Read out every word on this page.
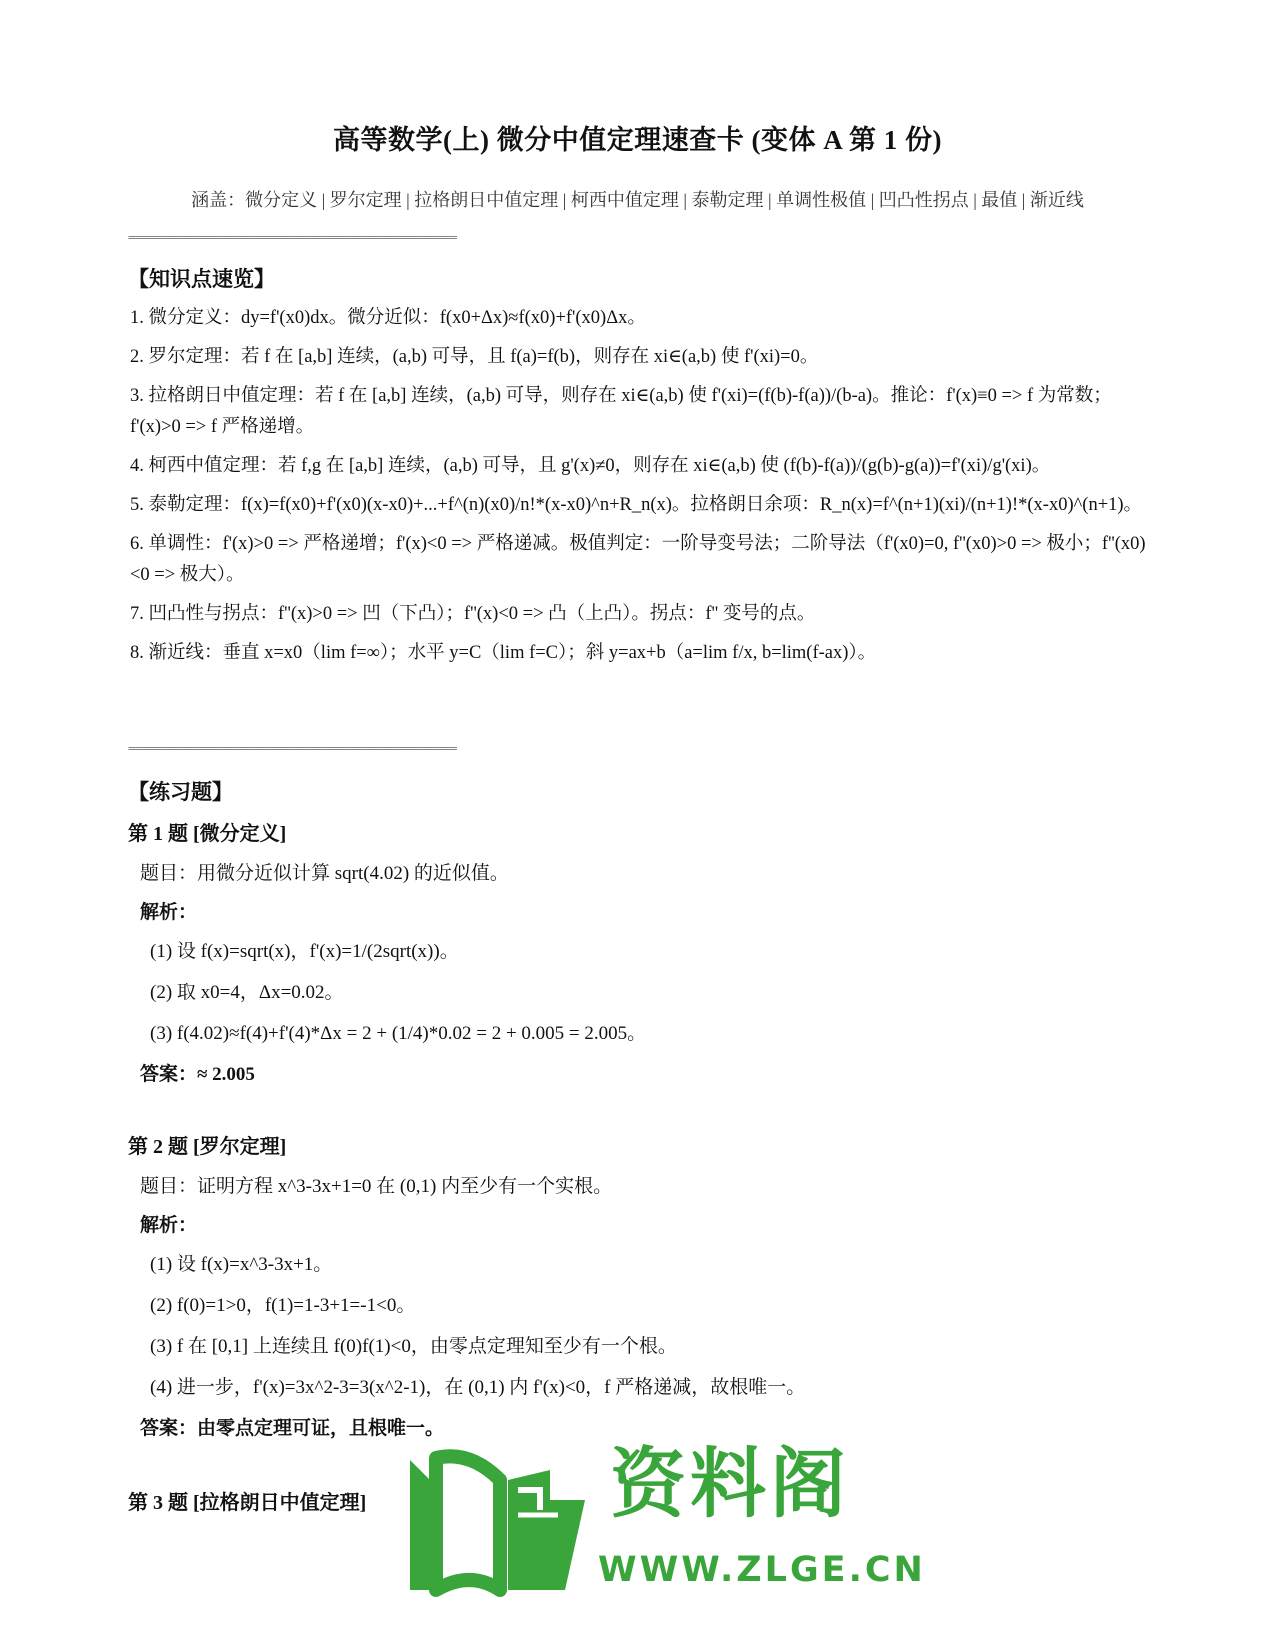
高等数学(上) 微分中值定理速查卡 (变体 A 第 1 份)
涵盖：微分定义 | 罗尔定理 | 拉格朗日中值定理 | 柯西中值定理 | 泰勒定理 | 单调性极值 | 凹凸性拐点 | 最值 | 渐近线
================================================================
【知识点速览】
1. 微分定义：dy=f'(x0)dx。微分近似：f(x0+Δx)≈f(x0)+f'(x0)Δx。
2. 罗尔定理：若 f 在 [a,b] 连续，(a,b) 可导，且 f(a)=f(b)，则存在 xi∈(a,b) 使 f'(xi)=0。
3. 拉格朗日中值定理：若 f 在 [a,b] 连续，(a,b) 可导，则存在 xi∈(a,b) 使 f'(xi)=(f(b)-f(a))/(b-a)。推论：f'(x)≡0 => f 为常数；f'(x)>0 => f 严格递增。
4. 柯西中值定理：若 f,g 在 [a,b] 连续，(a,b) 可导，且 g'(x)≠0，则存在 xi∈(a,b) 使 (f(b)-f(a))/(g(b)-g(a))=f'(xi)/g'(xi)。
5. 泰勒定理：f(x)=f(x0)+f'(x0)(x-x0)+...+f^(n)(x0)/n!*(x-x0)^n+R_n(x)。拉格朗日余项：R_n(x)=f^(n+1)(xi)/(n+1)!*(x-x0)^(n+1)。
6. 单调性：f'(x)>0 => 严格递增；f'(x)<0 => 严格递减。极值判定：一阶导变号法；二阶导法（f'(x0)=0, f''(x0)>0 => 极小；f''(x0)<0 => 极大）。
7. 凹凸性与拐点：f''(x)>0 => 凹（下凸）；f''(x)<0 => 凸（上凸）。拐点：f'' 变号的点。
8. 渐近线：垂直 x=x0（lim f=∞）；水平 y=C（lim f=C）；斜 y=ax+b（a=lim f/x, b=lim(f-ax)）。
================================================================
【练习题】
第 1 题 [微分定义]
题目：用微分近似计算 sqrt(4.02) 的近似值。
解析：
(1) 设 f(x)=sqrt(x)，f'(x)=1/(2sqrt(x))。
(2) 取 x0=4，Δx=0.02。
(3) f(4.02)≈f(4)+f'(4)*Δx = 2 + (1/4)*0.02 = 2 + 0.005 = 2.005。
答案：≈ 2.005
第 2 题 [罗尔定理]
题目：证明方程 x^3-3x+1=0 在 (0,1) 内至少有一个实根。
解析：
(1) 设 f(x)=x^3-3x+1。
(2) f(0)=1>0，f(1)=1-3+1=-1<0。
(3) f 在 [0,1] 上连续且 f(0)f(1)<0，由零点定理知至少有一个根。
(4) 进一步，f'(x)=3x^2-3=3(x^2-1)，在 (0,1) 内 f'(x)<0，f 严格递减，故根唯一。
答案：由零点定理可证，且根唯一。
第 3 题 [拉格朗日中值定理]	资料阁
WWW.ZLGE.CN
